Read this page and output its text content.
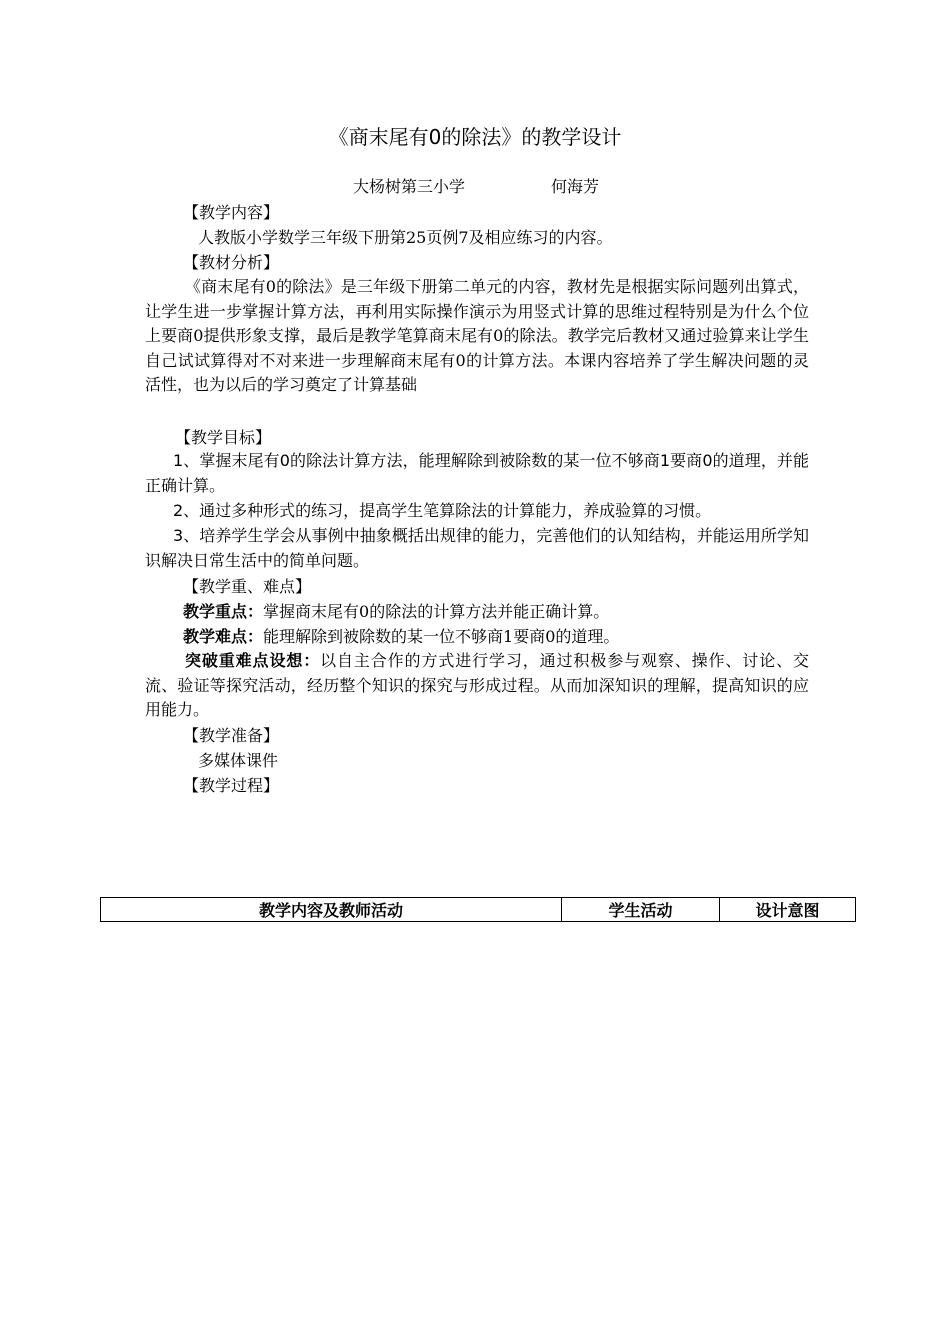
《商末尾有0的除法》的教学设计
大杨树第三小学	何海芳
【教学内容】
人教版小学数学三年级下册第25页例7及相应练习的内容。
【教材分析】
《商末尾有0的除法》是三年级下册第二单元的内容，教材先是根据实际问题列出算式，让学生进一步掌握计算方法，再利用实际操作演示为用竖式计算的思维过程特别是为什么个位上要商0提供形象支撑，最后是教学笔算商末尾有0的除法。教学完后教材又通过验算来让学生自己试试算得对不对来进一步理解商末尾有0的计算方法。本课内容培养了学生解决问题的灵活性，也为以后的学习奠定了计算基础
【教学目标】
1、掌握末尾有0的除法计算方法，能理解除到被除数的某一位不够商1要商0的道理，并能正确计算。
2、通过多种形式的练习，提高学生笔算除法的计算能力，养成验算的习惯。
3、培养学生学会从事例中抽象概括出规律的能力，完善他们的认知结构，并能运用所学知识解决日常生活中的简单问题。
【教学重、难点】
教学重点：掌握商末尾有0的除法的计算方法并能正确计算。
教学难点：能理解除到被除数的某一位不够商1要商0的道理。
突破重难点设想：以自主合作的方式进行学习，通过积极参与观察、操作、讨论、交流、验证等探究活动，经历整个知识的探究与形成过程。从而加深知识的理解，提高知识的应用能力。
【教学准备】
多媒体课件
【教学过程】
教学内容及教师活动	学生活动	设计意图
